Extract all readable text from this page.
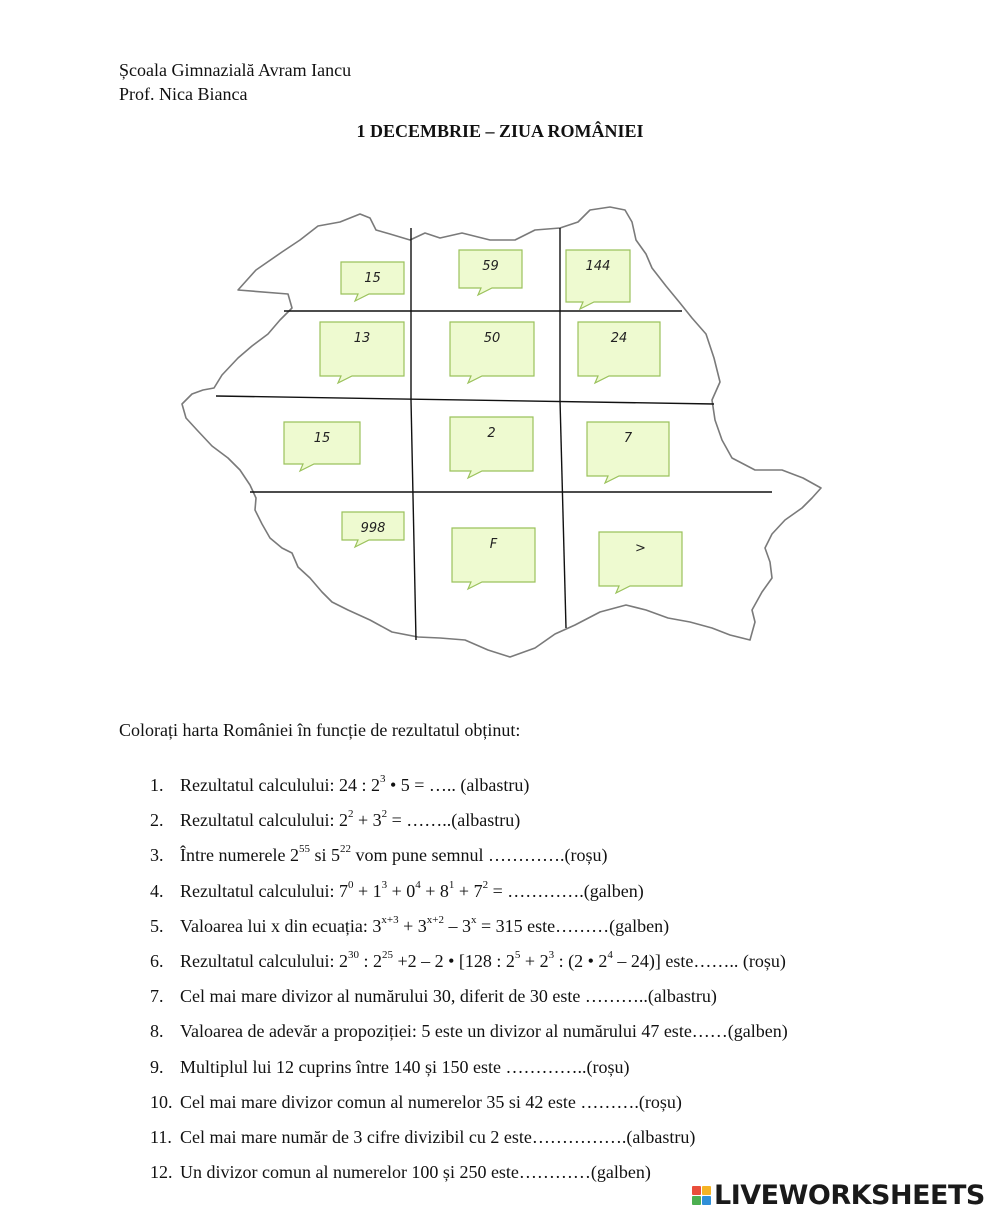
Școala Gimnazială Avram Iancu
Prof. Nica Bianca
1 DECEMBRIE – ZIUA ROMÂNIEI
15
59	144
13	50	24
15	2	7
998
F	>
Colorați harta României în funcție de rezultatul obținut:
1. Rezultatul calculului: 24 : $2^3$ • 5 = ….. (albastru)
2. Rezultatul calculului: $2^2 + 3^2$ = ……..(albastru)
3. Între numerele $2^{55}$ si $5^{22}$ vom pune semnul ………….(roșu)
4. Rezultatul calculului: $7^0 + 1^3 + 0^4 + 8^1 + 7^2$ = ………….(galben)
5. Valoarea lui x din ecuația: $3^{x+3} + 3^{x+2} - 3^x = 315$ este………(galben)
6. Rezultatul calculului: $2^{30}$ : $2^{25} +2 - 2$ • [128 : $2^5 + 2^3$ : (2 • $2^4 - 24$)] este…….. (roșu)
7. Cel mai mare divizor al numărului 30, diferit de 30 este ………..(albastru)
8. Valoarea de adevăr a propoziției: 5 este un divizor al numărului 47 este……(galben)
9. Multiplul lui 12 cuprins între 140 și 150 este …………..(roșu)
10. Cel mai mare divizor comun al numerelor 35 si 42 este ……….(roșu)
11. Cel mai mare număr de 3 cifre divizibil cu 2 este…………….(albastru)
12. Un divizor comun al numerelor 100 și 250 este…………(galben)
LIVEWORKSHEETS
